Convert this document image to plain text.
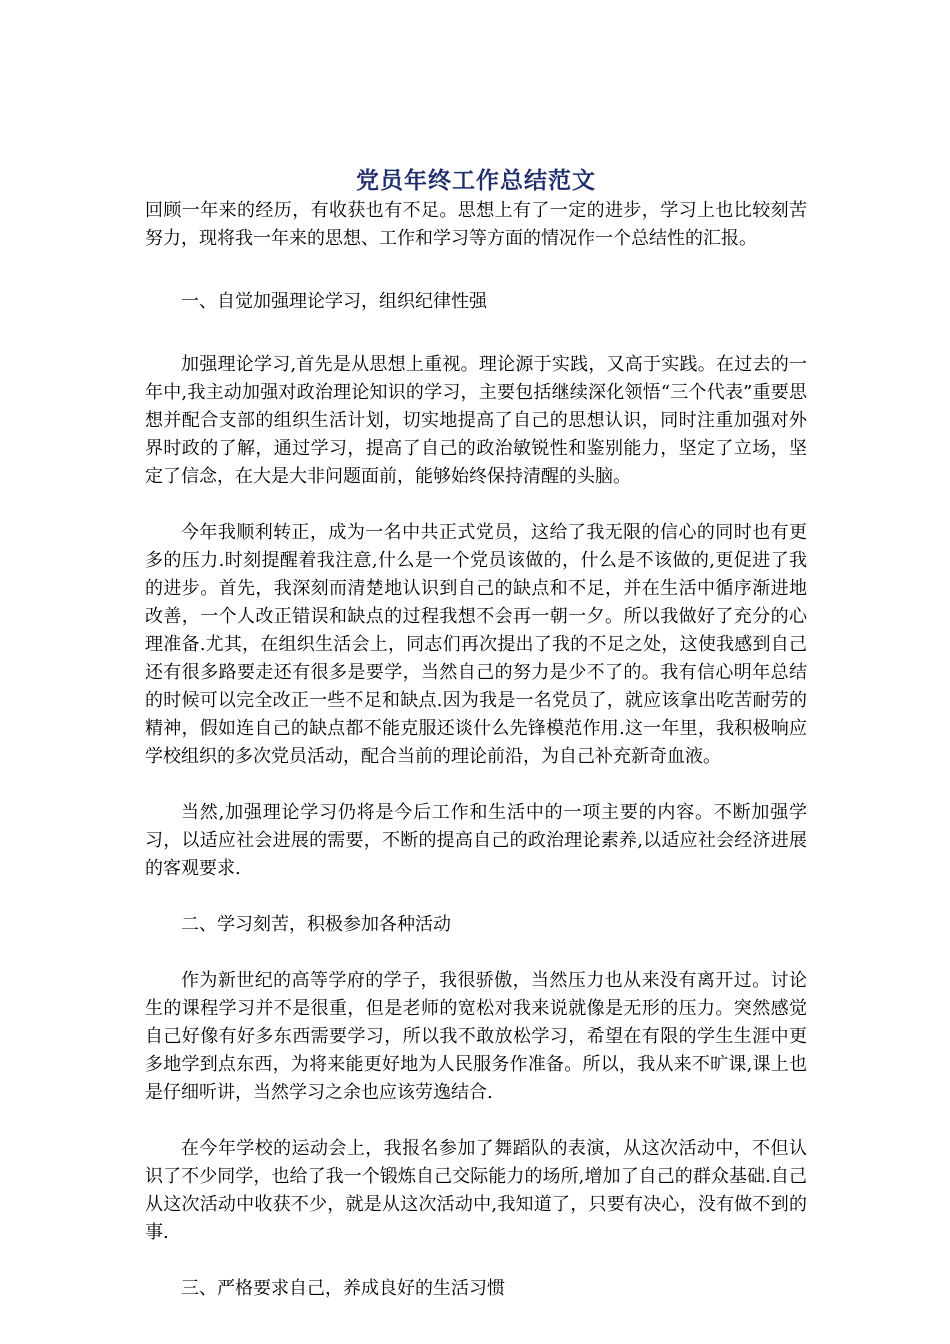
党员年终工作总结范文

回顾一年来的经历，有收获也有不足。思想上有了一定的进步，学习上也比较刻苦努力，现将我一年来的思想、工作和学习等方面的情况作一个总结性的汇报。

一、自觉加强理论学习，组织纪律性强

加强理论学习,首先是从思想上重视。理论源于实践，又高于实践。在过去的一年中,我主动加强对政治理论知识的学习，主要包括继续深化领悟“三个代表”重要思想并配合支部的组织生活计划，切实地提高了自己的思想认识，同时注重加强对外界时政的了解，通过学习，提高了自己的政治敏锐性和鉴别能力，坚定了立场，坚定了信念，在大是大非问题面前，能够始终保持清醒的头脑。

今年我顺利转正，成为一名中共正式党员，这给了我无限的信心的同时也有更多的压力.时刻提醒着我注意,什么是一个党员该做的，什么是不该做的,更促进了我的进步。首先，我深刻而清楚地认识到自己的缺点和不足，并在生活中循序渐进地改善，一个人改正错误和缺点的过程我想不会再一朝一夕。所以我做好了充分的心理准备.尤其，在组织生活会上，同志们再次提出了我的不足之处，这使我感到自己还有很多路要走还有很多是要学，当然自己的努力是少不了的。我有信心明年总结的时候可以完全改正一些不足和缺点.因为我是一名党员了，就应该拿出吃苦耐劳的精神，假如连自己的缺点都不能克服还谈什么先锋模范作用.这一年里，我积极响应学校组织的多次党员活动，配合当前的理论前沿，为自己补充新奇血液。

当然,加强理论学习仍将是今后工作和生活中的一项主要的内容。不断加强学习，以适应社会进展的需要，不断的提高自己的政治理论素养,以适应社会经济进展的客观要求.

二、学习刻苦，积极参加各种活动

作为新世纪的高等学府的学子，我很骄傲，当然压力也从来没有离开过。讨论生的课程学习并不是很重，但是老师的宽松对我来说就像是无形的压力。突然感觉自己好像有好多东西需要学习，所以我不敢放松学习，希望在有限的学生生涯中更多地学到点东西，为将来能更好地为人民服务作准备。所以，我从来不旷课,课上也是仔细听讲，当然学习之余也应该劳逸结合.

在今年学校的运动会上，我报名参加了舞蹈队的表演，从这次活动中，不但认识了不少同学，也给了我一个锻炼自己交际能力的场所,增加了自己的群众基础.自己从这次活动中收获不少，就是从这次活动中,我知道了，只要有决心，没有做不到的事.

三、严格要求自己，养成良好的生活习惯
